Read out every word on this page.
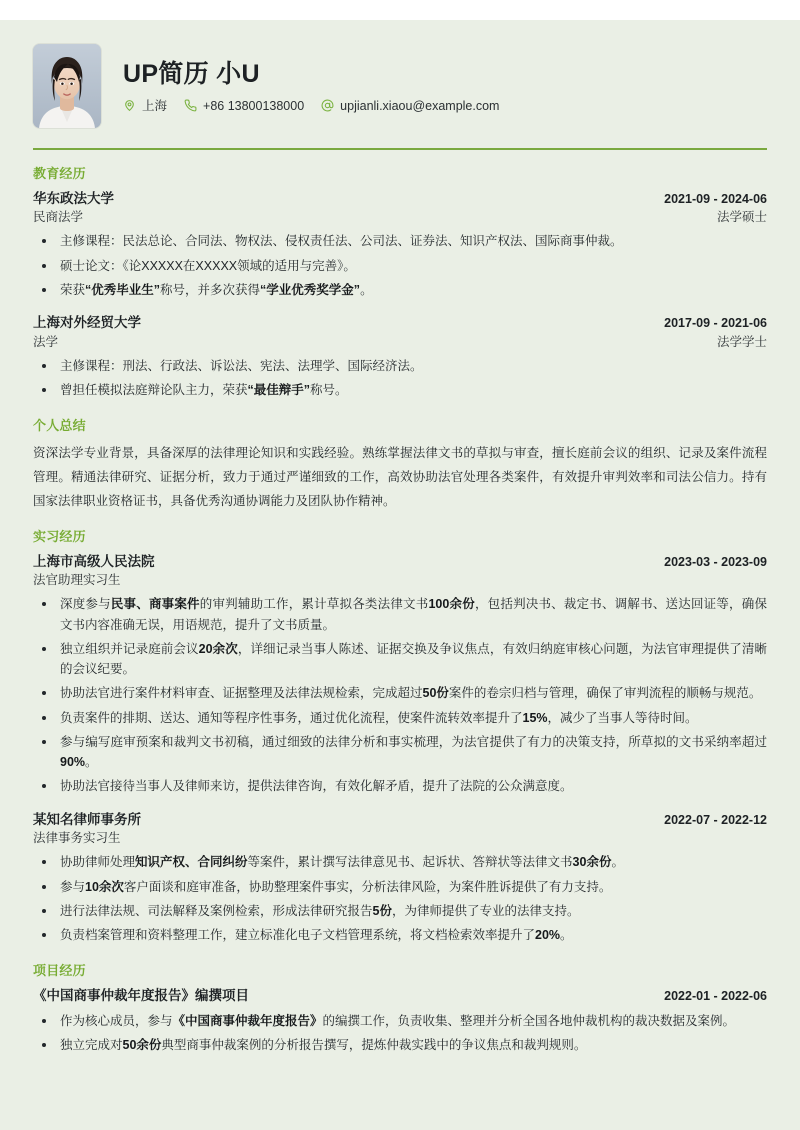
UP简历 小U
上海	+86 13800138000	upjianli.xiaou@example.com
教育经历
华东政法大学	2021-09 - 2024-06
民商法学	法学硕士
主修课程：民法总论、合同法、物权法、侵权责任法、公司法、证券法、知识产权法、国际商事仲裁。
硕士论文：《论XXXXX在XXXXX领域的适用与完善》。
荣获“优秀毕业生”称号，并多次获得“学业优秀奖学金”。
上海对外经贸大学	2017-09 - 2021-06
法学	法学学士
主修课程：刑法、行政法、诉讼法、宪法、法理学、国际经济法。
曾担任模拟法庭辩论队主力，荣获“最佳辩手”称号。
个人总结

资深法学专业背景，具备深厚的法律理论知识和实践经验。熟练掌握法律文书的草拟与审查，擅长庭前会议的组织、记录及案件流程管理。精通法律研究、证据分析，致力于通过严谨细致的工作，高效协助法官处理各类案件，有效提升审判效率和司法公信力。持有国家法律职业资格证书，具备优秀沟通协调能力及团队协作精神。

实习经历
上海市高级人民法院	2023-03 - 2023-09
法官助理实习生
深度参与民事、商事案件的审判辅助工作，累计草拟各类法律文书100余份，包括判决书、裁定书、调解书、送达回证等，确保文书内容准确无误，用语规范，提升了文书质量。
独立组织并记录庭前会议20余次，详细记录当事人陈述、证据交换及争议焦点，有效归纳庭审核心问题，为法官审理提供了清晰的会议纪要。
协助法官进行案件材料审查、证据整理及法律法规检索，完成超过50份案件的卷宗归档与管理，确保了审判流程的顺畅与规范。
负责案件的排期、送达、通知等程序性事务，通过优化流程，使案件流转效率提升了15%，减少了当事人等待时间。
参与编写庭审预案和裁判文书初稿，通过细致的法律分析和事实梳理，为法官提供了有力的决策支持，所草拟的文书采纳率超过90%。
协助法官接待当事人及律师来访，提供法律咨询，有效化解矛盾，提升了法院的公众满意度。
某知名律师事务所	2022-07 - 2022-12
法律事务实习生
协助律师处理知识产权、合同纠纷等案件，累计撰写法律意见书、起诉状、答辩状等法律文书30余份。
参与10余次客户面谈和庭审准备，协助整理案件事实，分析法律风险，为案件胜诉提供了有力支持。
进行法律法规、司法解释及案例检索，形成法律研究报告5份，为律师提供了专业的法律支持。
负责档案管理和资料整理工作，建立标准化电子文档管理系统，将文档检索效率提升了20%。
项目经历
《中国商事仲裁年度报告》编撰项目	2022-01 - 2022-06
作为核心成员，参与《中国商事仲裁年度报告》的编撰工作，负责收集、整理并分析全国各地仲裁机构的裁决数据及案例。
独立完成对50余份典型商事仲裁案例的分析报告撰写，提炼仲裁实践中的争议焦点和裁判规则。
